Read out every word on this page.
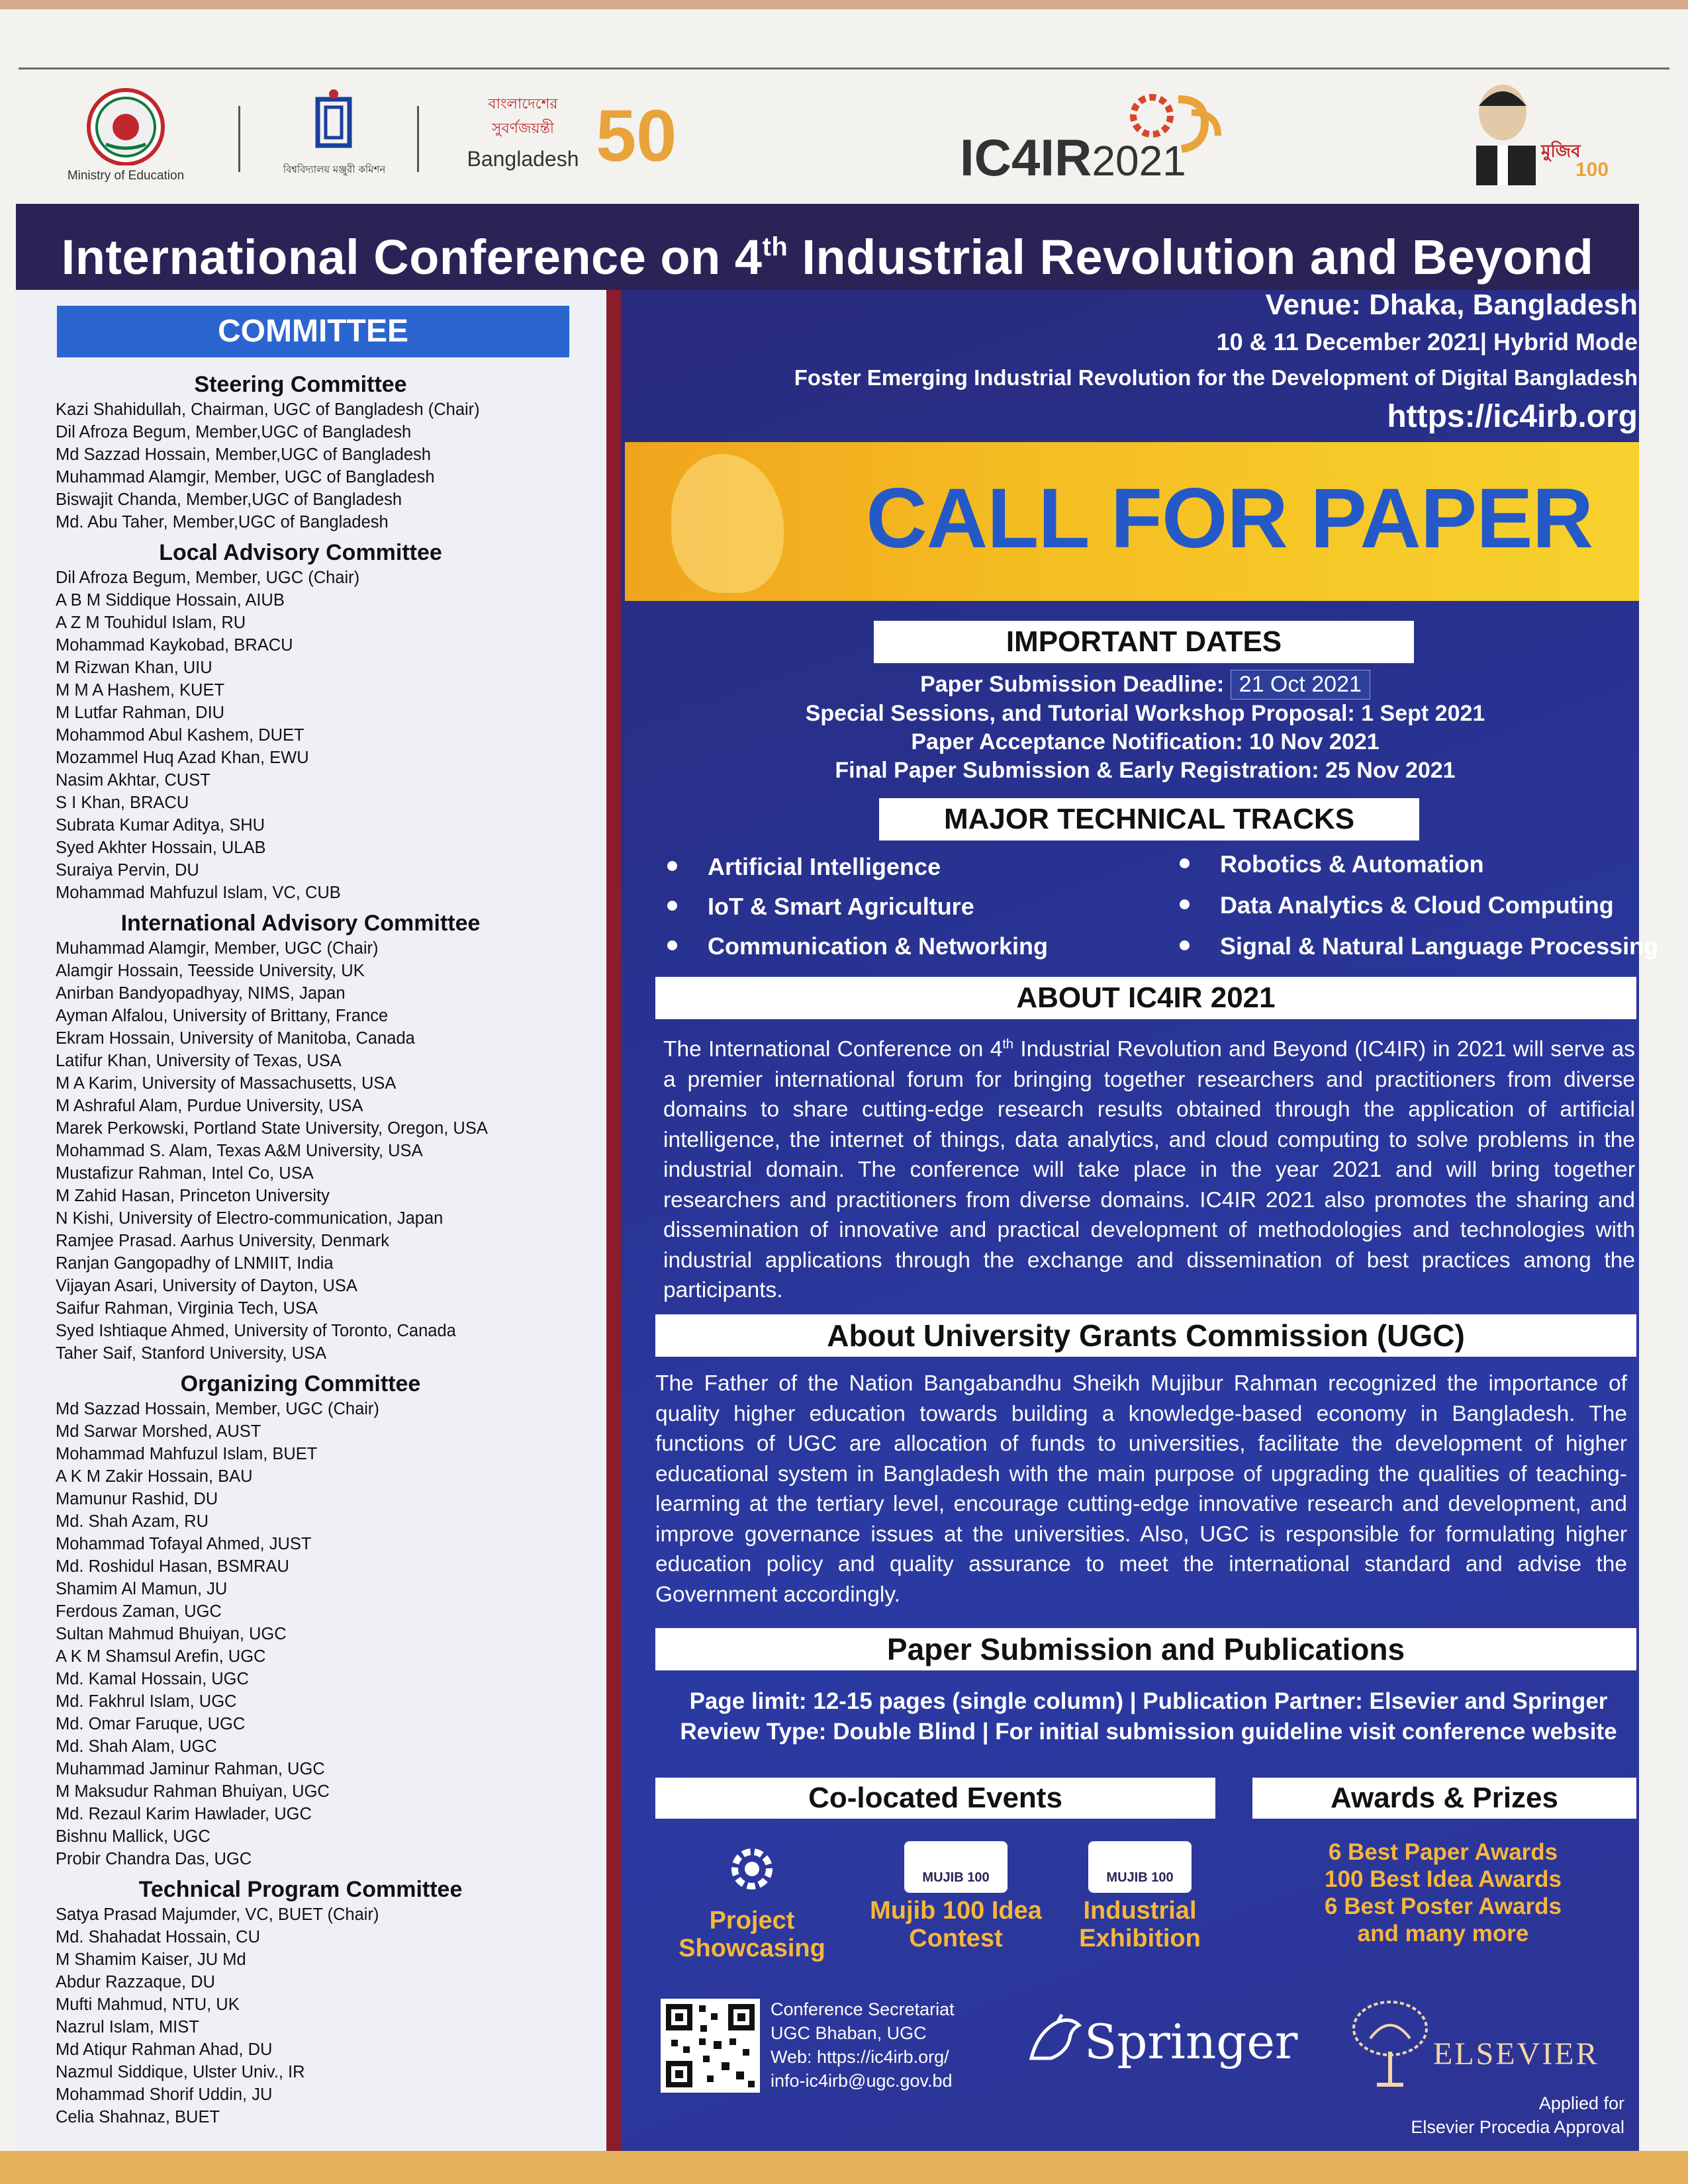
Ministry of Education	বিশ্ববিদ্যালয় মঞ্জুরী কমিশন
বাংলাদেশের সুবর্ণজয়ন্তী
Bangladesh 50	IC4IR2021	মুজিব
100
International Conference on 4th Industrial Revolution and Beyond
COMMITTEE
Steering Committee
Kazi Shahidullah, Chairman, UGC of Bangladesh (Chair)
Dil Afroza Begum, Member,UGC of Bangladesh
Md Sazzad Hossain, Member,UGC of Bangladesh
Muhammad Alamgir, Member, UGC of Bangladesh
Biswajit Chanda, Member,UGC of Bangladesh
Md. Abu Taher, Member,UGC of Bangladesh
Local Advisory Committee
Dil Afroza Begum, Member, UGC (Chair)
A B M Siddique Hossain, AIUB
A Z M Touhidul Islam, RU
Mohammad Kaykobad, BRACU
M Rizwan Khan, UIU
M M A Hashem, KUET
M Lutfar Rahman, DIU
Mohammod Abul Kashem, DUET
Mozammel Huq Azad Khan, EWU
Nasim Akhtar, CUST
S I Khan, BRACU
Subrata Kumar Aditya, SHU
Syed Akhter Hossain, ULAB
Suraiya Pervin, DU
Mohammad Mahfuzul Islam, VC, CUB
International Advisory Committee
Muhammad Alamgir, Member, UGC (Chair)
Alamgir Hossain, Teesside University, UK
Anirban Bandyopadhyay, NIMS, Japan
Ayman Alfalou, University of Brittany, France
Ekram Hossain, University of Manitoba, Canada
Latifur Khan, University of Texas, USA
M A Karim, University of Massachusetts, USA
M Ashraful Alam, Purdue University, USA
Marek Perkowski, Portland State University, Oregon, USA
Mohammad S. Alam, Texas A&M University, USA
Mustafizur Rahman, Intel Co, USA
M Zahid Hasan, Princeton University
N Kishi, University of Electro-communication, Japan
Ramjee Prasad. Aarhus University, Denmark
Ranjan Gangopadhy of LNMIIT, India
Vijayan Asari, University of Dayton, USA
Saifur Rahman, Virginia Tech, USA
Syed Ishtiaque Ahmed, University of Toronto, Canada
Taher Saif, Stanford University, USA
Organizing Committee
Md Sazzad Hossain, Member, UGC (Chair)
Md Sarwar Morshed, AUST
Mohammad Mahfuzul Islam, BUET
A K M Zakir Hossain, BAU
Mamunur Rashid, DU
Md. Shah Azam, RU
Mohammad Tofayal Ahmed, JUST
Md. Roshidul Hasan, BSMRAU
Shamim Al Mamun, JU
Ferdous Zaman, UGC
Sultan Mahmud Bhuiyan, UGC
A K M Shamsul Arefin, UGC
Md. Kamal Hossain, UGC
Md. Fakhrul Islam, UGC
Md. Omar Faruque, UGC
Md. Shah Alam, UGC
Muhammad Jaminur Rahman, UGC
M Maksudur Rahman Bhuiyan, UGC
Md. Rezaul Karim Hawlader, UGC
Bishnu Mallick, UGC
Probir Chandra Das, UGC
Technical Program Committee
Satya Prasad Majumder, VC, BUET (Chair)
Md. Shahadat Hossain, CU
M Shamim Kaiser, JU Md
Abdur Razzaque, DU
Mufti Mahmud, NTU, UK
Nazrul Islam, MIST
Md Atiqur Rahman Ahad, DU
Nazmul Siddique, Ulster Univ., IR
Mohammad Shorif Uddin, JU
Celia Shahnaz, BUET
Venue: Dhaka, Bangladesh
10 & 11 December 2021| Hybrid Mode
Foster Emerging Industrial Revolution for the Development of Digital Bangladesh
https://ic4irb.org
CALL FOR PAPER
IMPORTANT DATES
Paper Submission Deadline: 21 Oct 2021
Special Sessions, and Tutorial Workshop Proposal: 1 Sept 2021
Paper Acceptance Notification: 10 Nov 2021
Final Paper Submission & Early Registration: 25 Nov 2021
MAJOR TECHNICAL TRACKS
Artificial Intelligence
IoT & Smart Agriculture
Communication & Networking
Robotics & Automation
Data Analytics & Cloud Computing
Signal & Natural Language Processing
ABOUT IC4IR 2021
The International Conference on 4th Industrial Revolution and Beyond (IC4IR) in 2021 will serve as a premier international forum for bringing together researchers and practitioners from diverse domains to share cutting-edge research results obtained through the application of artificial intelligence, the internet of things, data analytics, and cloud computing to solve problems in the industrial domain. The conference will take place in the year 2021 and will bring together researchers and practitioners from diverse domains. IC4IR 2021 also promotes the sharing and dissemination of innovative and practical development of methodologies and technologies with industrial applications through the exchange and dissemination of best practices among the participants.
About University Grants Commission (UGC)
The Father of the Nation Bangabandhu Sheikh Mujibur Rahman recognized the importance of quality higher education towards building a knowledge-based economy in Bangladesh. The functions of UGC are allocation of funds to universities, facilitate the development of higher educational system in Bangladesh with the main purpose of upgrading the qualities of teaching-learming at the tertiary level, encourage cutting-edge innovative research and development, and improve governance issues at the universities. Also, UGC is responsible for formulating higher education policy and quality assurance to meet the international standard and advise the Government accordingly.
Paper Submission and Publications
Page limit: 12-15 pages (single column) | Publication Partner: Elsevier and Springer
Review Type: Double Blind | For initial submission guideline visit conference website
Co-located Events
Project
Showcasing
MUJIB 100
Mujib 100 Idea
Contest
MUJIB 100
Industrial
Exhibition
Awards & Prizes
6 Best Paper Awards
100 Best Idea Awards
6 Best Poster Awards
and many more
Conference Secretariat
UGC Bhaban, UGC
Web: https://ic4irb.org/
info-ic4irb@ugc.gov.bd
Springer	ELSEVIER
Applied for
Elsevier Procedia Approval
